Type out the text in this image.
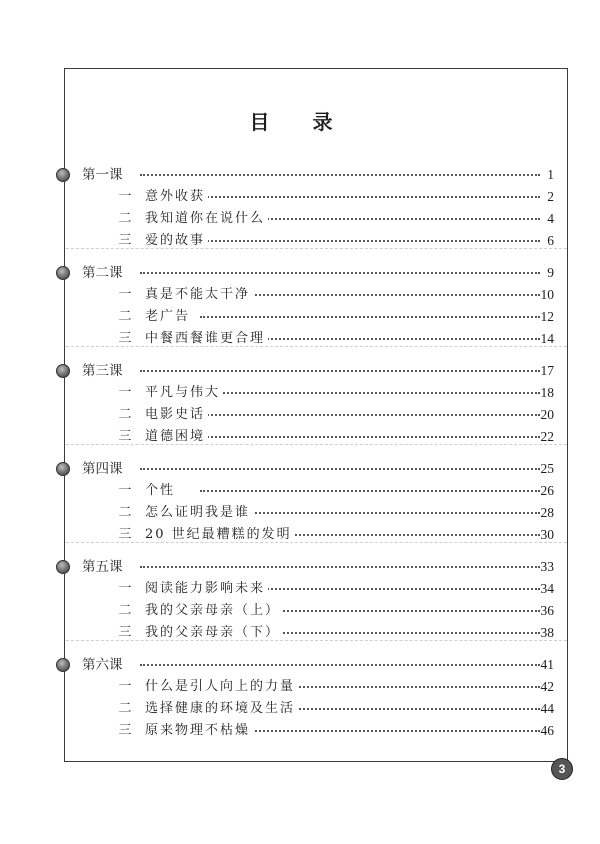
目 录
第一课	1
一 意外收获	2
二 我知道你在说什么	4
三 爱的故事	6
第二课	9
一 真是不能太干净	10
二 老广告	12
三 中餐西餐谁更合理	14
第三课	17
一 平凡与伟大	18
二 电影史话	20
三 道德困境	22
第四课	25
一 个性	26
二 怎么证明我是谁	28
三 20 世纪最糟糕的发明	30
第五课	33
一 阅读能力影响未来	34
二 我的父亲母亲（上）	36
三 我的父亲母亲（下）	38
第六课	41
一 什么是引人向上的力量	42
二 选择健康的环境及生活	44
三 原来物理不枯燥	46
3
